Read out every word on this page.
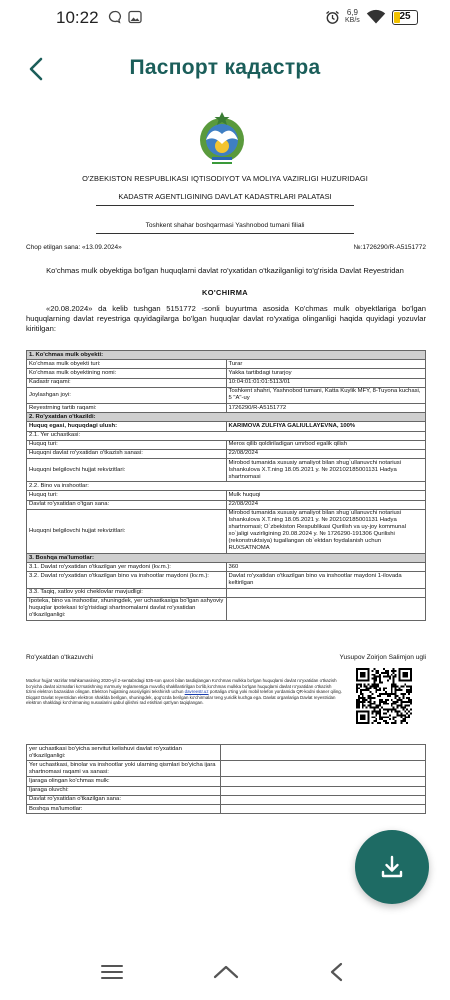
10:22	6,9
KB/s	25
Паспорт кадастра
O'ZBEKISTON RESPUBLIKASI IQTISODIYOT VA MOLIYA VAZIRLIGI HUZURIDAGI
KADASTR AGENTLIGINING DAVLAT KADASTRLARI PALATASI
Toshkent shahar boshqarmasi Yashnobod tumani filiali
Chop etilgan sana: «13.09.2024»	№:1726290/R-A5151772
Ko'chmas mulk obyektiga bo'lgan huquqlarni davlat ro'yxatidan o'tkazilganligi to'g'risida Davlat Reyestridan
KO'CHIRMA
«20.08.2024» da kelib tushgan 5151772 -sonli buyurtma asosida Ko'chmas mulk obyektlariga bo'lgan huquqlarning davlat reyestriga quyidagilarga bo'lgan huquqlar davlat ro'yxatiga olinganligi haqida quyidagi yozuvlar kiritilgan:
1. Ko'chmas mulk obyekti:	
Ko'chmas mulk obyekti turi:	Turar
Ko'chmas mulk obyektining nomi:	Yakka tartibdagi turarjoy
Kadastr raqami:	10:04:01:01:01:5113/01
Joylashgan joyi:	Toshkent shahri, Yashnobod tumani, Katta Kuylik MFY, 8-Tuyona kuchasi, 5 "A"-uy
Reyestrning tartib raqami:	1726290/R-A5151772
2. Ro'yxatdan o'tkazildi:	
Huquq egasi, huquqdagi ulush:	KARIMOVA ZULFIYA GALIULLAYEVNA, 100%
2.1. Yer uchastkasi:	
Huquq turi:	Meros qilib qoldiriladigan umrbod egalik qilish
Huquqni davlat ro'yxatidan o'tkazish sanasi:	22/08/2024
Huquqni belgilovchi hujjat rekvizitlari:	Mirobod tumanida xususiy amaliyot bilan shug`ullanuvchi notariusi Ishankulova X.T.ning 18.05.2021 y. № 202102185001131 Hadya shartnomasi
2.2. Bino va inshootlar:	
Huquq turi:	Mulk huquqi
Davlat ro'yxatidan o'tgan sana:	22/08/2024
Huquqni belgilovchi hujjat rekvizitlari:	Mirobod tumanida xususiy amaliyot bilan shug`ullanuvchi notariusi Ishankulova X.T.ning 18.05.2021 y. № 202102185001131 Hadya shartnomasi; O`zbekiston Respublikasi Qurilish va uy-joy kommunal xo`jaligi vazirligining 20.08.2024 y. № 1726290-191306 Qurilishi (rekonstruktsiya) tugallangan ob`ektdan foydalanish uchun RUXSATNOMA
3. Boshqa ma'lumotlar:	
3.1. Davlat ro'yxatidan o'tkazilgan yer maydoni (kv.m.):	360
3.2. Davlat ro'yxatidan o'tkazilgan bino va inshootlar maydoni (kv.m.):	Davlat ro'yxatidan o'tkazilgan bino va inshootlar maydoni 1-ilovada keltirilgan
3.3. Taqiq, xatlov yoki cheklovlar mavjudligi:	
Ipoteka, bino va inshootlar, shuningdek, yer uchastkasiga bo'lgan ashyoviy huquqlar ipotekasi to'g'risidagi shartnomalarni davlat ro'yxatidan o'tkazilganligi:	
Ro'yxatdan o'tkazuvchi	Yusupov Zoirjon Salimjon ugli
Mazkur hujjat Vazirlar Mahkamasining 2020-yil 2-sentabrdagi 535-son qarori bilan tasdiqlangan Ko'chmas mulkka bo'lgan huquqlarni davlat ro'yxatidan o'tkazish bo'yicha davlat xizmatlari ko'rsatishning ma'muriy reglamentiga muvofiq shakllantirilgan bo'lib,ko'chmas mulkka bo'lgan huquqlarni davlat ro'yxatidan o'tkazish tizimi elektron bazasidan olingan. Elektron hujjatning asosiyligini tekshirish uchun davreestr.uz portaliga o'ting yoki mobil telefon yordamida QR-kodni skaner qiling. Diqqat! Davlat reyestridan elektron shaklda berilgan, shuningdek, qog'ozda berilgan ko'chirmalar teng yuridik kuchga ega. Davlat organlariga Davlat reyestridan elektron shakldagi ko'chirmaning nusxalarini qabul qilishni rad etishlari qat'iyan taqiqlangan.
yer uchastkasi bo'yicha servitut kelishuvi davlat ro'yxatidan o'tkazilganligi:	
Yer uchastkasi, binolar va inshootlar yoki ularning qismlari bo'yicha ijara shartnomasi raqami va sanasi:	
Ijaraga olingan ko'chmas mulk:	
Ijaraga oluvchi:	
Davlat ro'yxatidan o'tkazilgan sana:	
Boshqa ma'lumotlar:	
